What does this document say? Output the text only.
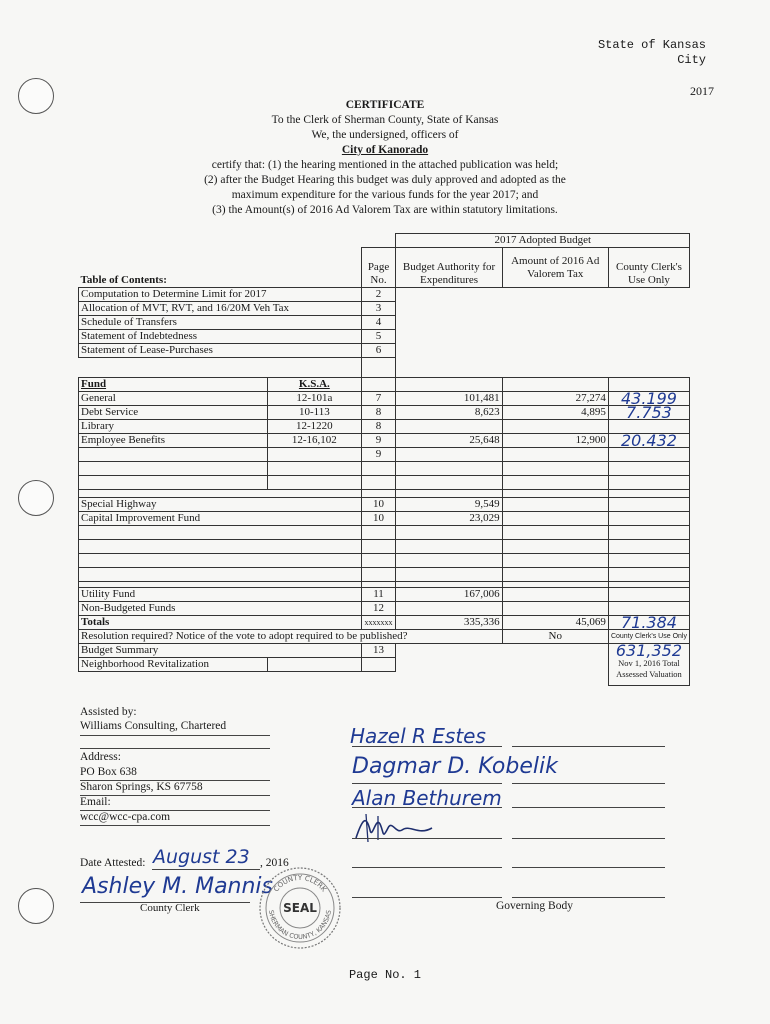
State of Kansas
City
2017
CERTIFICATE
To the Clerk of Sherman County, State of Kansas
We, the undersigned, officers of
City of Kanorado
certify that: (1) the hearing mentioned in the attached publication was held;
(2) after the Budget Hearing this budget was duly approved and adopted as the
maximum expenditure for the various funds for the year 2017; and
(3) the Amount(s) of 2016 Ad Valorem Tax are within statutory limitations.
			2017 Adopted Budget		
Table of Contents:		Page No.	Budget Authority for Expenditures	Amount of 2016 Ad Valorem Tax	County Clerk's Use Only
Computation to Determine Limit for 2017		2			
Allocation of MVT, RVT, and 16/20M Veh Tax		3			
Schedule of Transfers		4			
Statement of Indebtedness		5			
Statement of Lease-Purchases		6			

Fund	K.S.A.				
General	12-101a	7	101,481	27,274	43.199
Debt Service	10-113	8	8,623	4,895	7.753
Library	12-1220	8			
Employee Benefits	12-16,102	9	25,648	12,900	20.432
		9			

Special Highway		10	9,549		
Capital Improvement Fund		10	23,029		

Utility Fund		11	167,006		
Non-Budgeted Funds		12			
Totals		xxxxxxx	335,336	45,069	71.384
Resolution required? Notice of the vote to adopt required to be published?				No	County Clerk's Use Only
Budget Summary		13			631,352
Neighborhood Revitalization					Nov 1, 2016 Total Assessed Valuation

Assisted by:
Williams Consulting, Chartered
Address:
PO Box 638
Sharon Springs, KS 67758
Email:
wcc@wcc-cpa.com
Date Attested: August 23 , 2016
Ashley M. Mannis
County Clerk
COUNTY CLERK
SHERMAN COUNTY, KANSAS
SEAL
Hazel R Estes
Dagmar D. Kobelik
Alan Bethurem
Governing Body
Page No. 1
